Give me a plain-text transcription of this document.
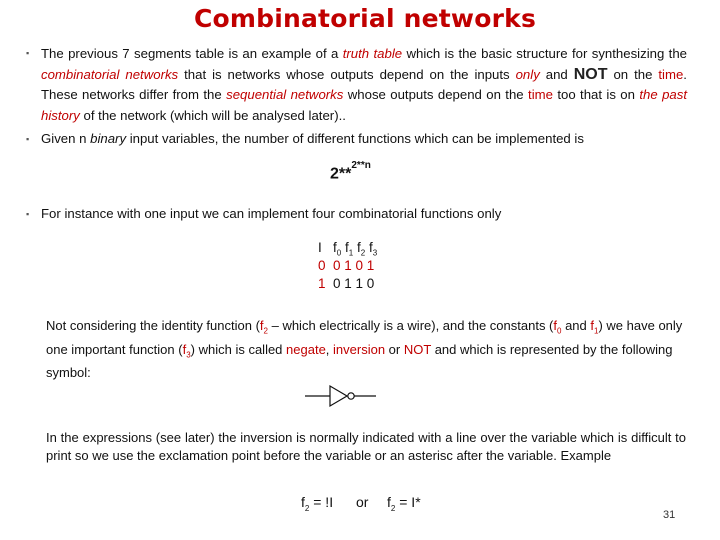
Combinatorial networks
▪ The previous 7 segments table is an example of a truth table which is the basic structure for synthesizing the combinatorial networks that is networks whose outputs depend on the inputs only and NOT on the time. These networks differ from the sequential networks whose outputs depend on the time too that is on the past history of the network (which will be analysed later)..
▪ Given n binary input variables, the number of different functions which can be implemented is
2**$^{2**n}$
▪ For instance with one input we can implement four combinatorial functions only
I $f_0$ $f_1$ $f_2$ $f_3$
0 0 1 0 1
1 0 1 1 0
Not considering the identity function ($f_2$ – which electrically is a wire), and the constants ($f_0$ and $f_1$) we have only one important function $(f_3)$ which is called negate, inversion or NOT and which is represented by the following symbol:
In the expressions (see later) the inversion is normally indicated with a line over the variable which is difficult to print so we use the exclamation point before the variable or an asterisc after the variable. Example
$f_2 = !I$ or $f_2 = I*$
31
